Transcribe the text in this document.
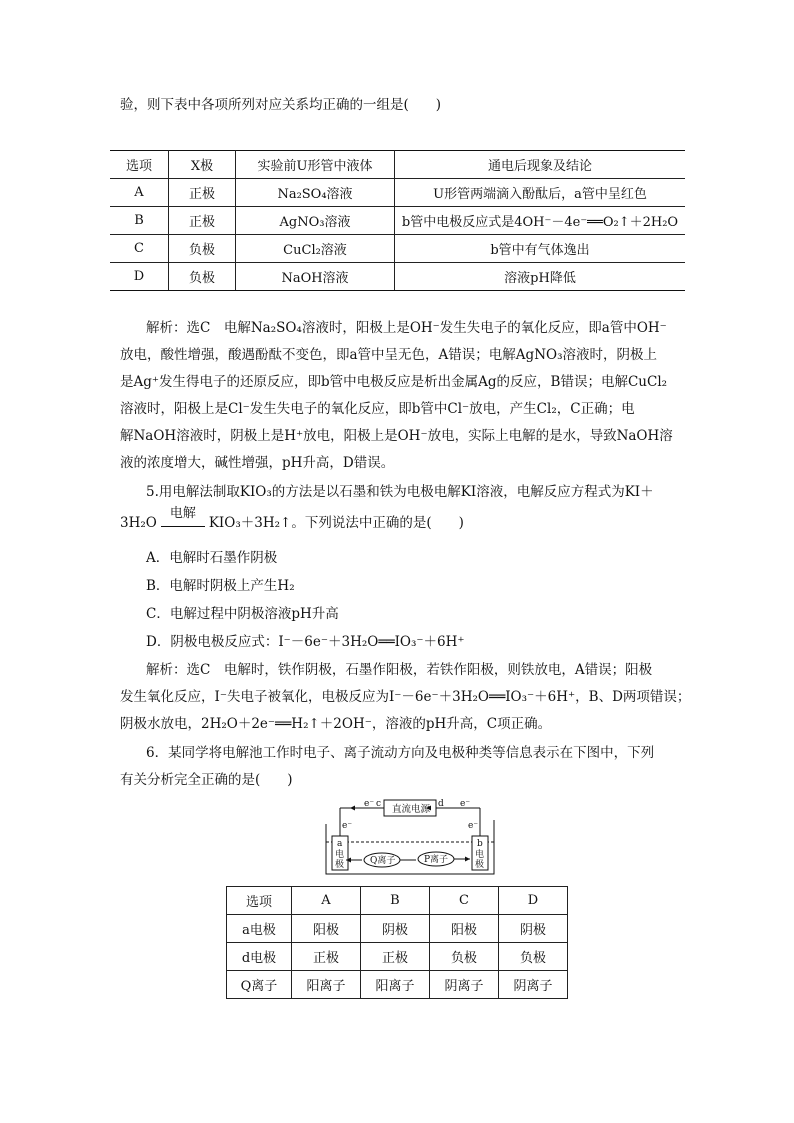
验，则下表中各项所列对应关系均正确的一组是(　　)
选项	X极	实验前U形管中液体	通电后现象及结论
A	正极	Na₂SO₄溶液	U形管两端滴入酚酞后，a管中呈红色
B	正极	AgNO₃溶液	b管中电极反应式是4OH⁻－4e⁻══O₂↑＋2H₂O
C	负极	CuCl₂溶液	b管中有气体逸出
D	负极	NaOH溶液	溶液pH降低
解析：选C　电解Na₂SO₄溶液时，阳极上是OH⁻发生失电子的氧化反应，即a管中OH⁻
放电，酸性增强，酸遇酚酞不变色，即a管中呈无色，A错误；电解AgNO₃溶液时，阴极上
是Ag⁺发生得电子的还原反应，即b管中电极反应是析出金属Ag的反应，B错误；电解CuCl₂
溶液时，阳极上是Cl⁻发生失电子的氧化反应，即b管中Cl⁻放电，产生Cl₂，C正确；电
解NaOH溶液时，阴极上是H⁺放电，阳极上是OH⁻放电，实际上电解的是水，导致NaOH溶
液的浓度增大，碱性增强，pH升高，D错误。
5.用电解法制取KIO₃的方法是以石墨和铁为电极电解KI溶液，电解反应方程式为KI＋
3H₂O
电解
KIO₃＋3H₂↑。下列说法中正确的是(　　)
A．电解时石墨作阴极
B．电解时阴极上产生H₂
C．电解过程中阴极溶液pH升高
D．阴极电极反应式：I⁻－6e⁻＋3H₂O══IO₃⁻＋6H⁺
解析：选C　电解时，铁作阴极，石墨作阳极，若铁作阳极，则铁放电，A错误；阳极
发生氧化反应，I⁻失电子被氧化，电极反应为I⁻－6e⁻＋3H₂O══IO₃⁻＋6H⁺，B、D两项错误；
阴极水放电，2H₂O＋2e⁻══H₂↑＋2OH⁻，溶液的pH升高，C项正确。
6．某同学将电解池工作时电子、离子流动方向及电极种类等信息表示在下图中，下列
有关分析完全正确的是(　　)
e⁻ c	d e⁻
e⁻	e⁻
a	b
电
极
电
极
Q离子	P离子
直流电源
选项	A	B	C	D
a电极	阳极	阴极	阳极	阴极
d电极	正极	正极	负极	负极
Q离子	阳离子	阳离子	阴离子	阴离子
